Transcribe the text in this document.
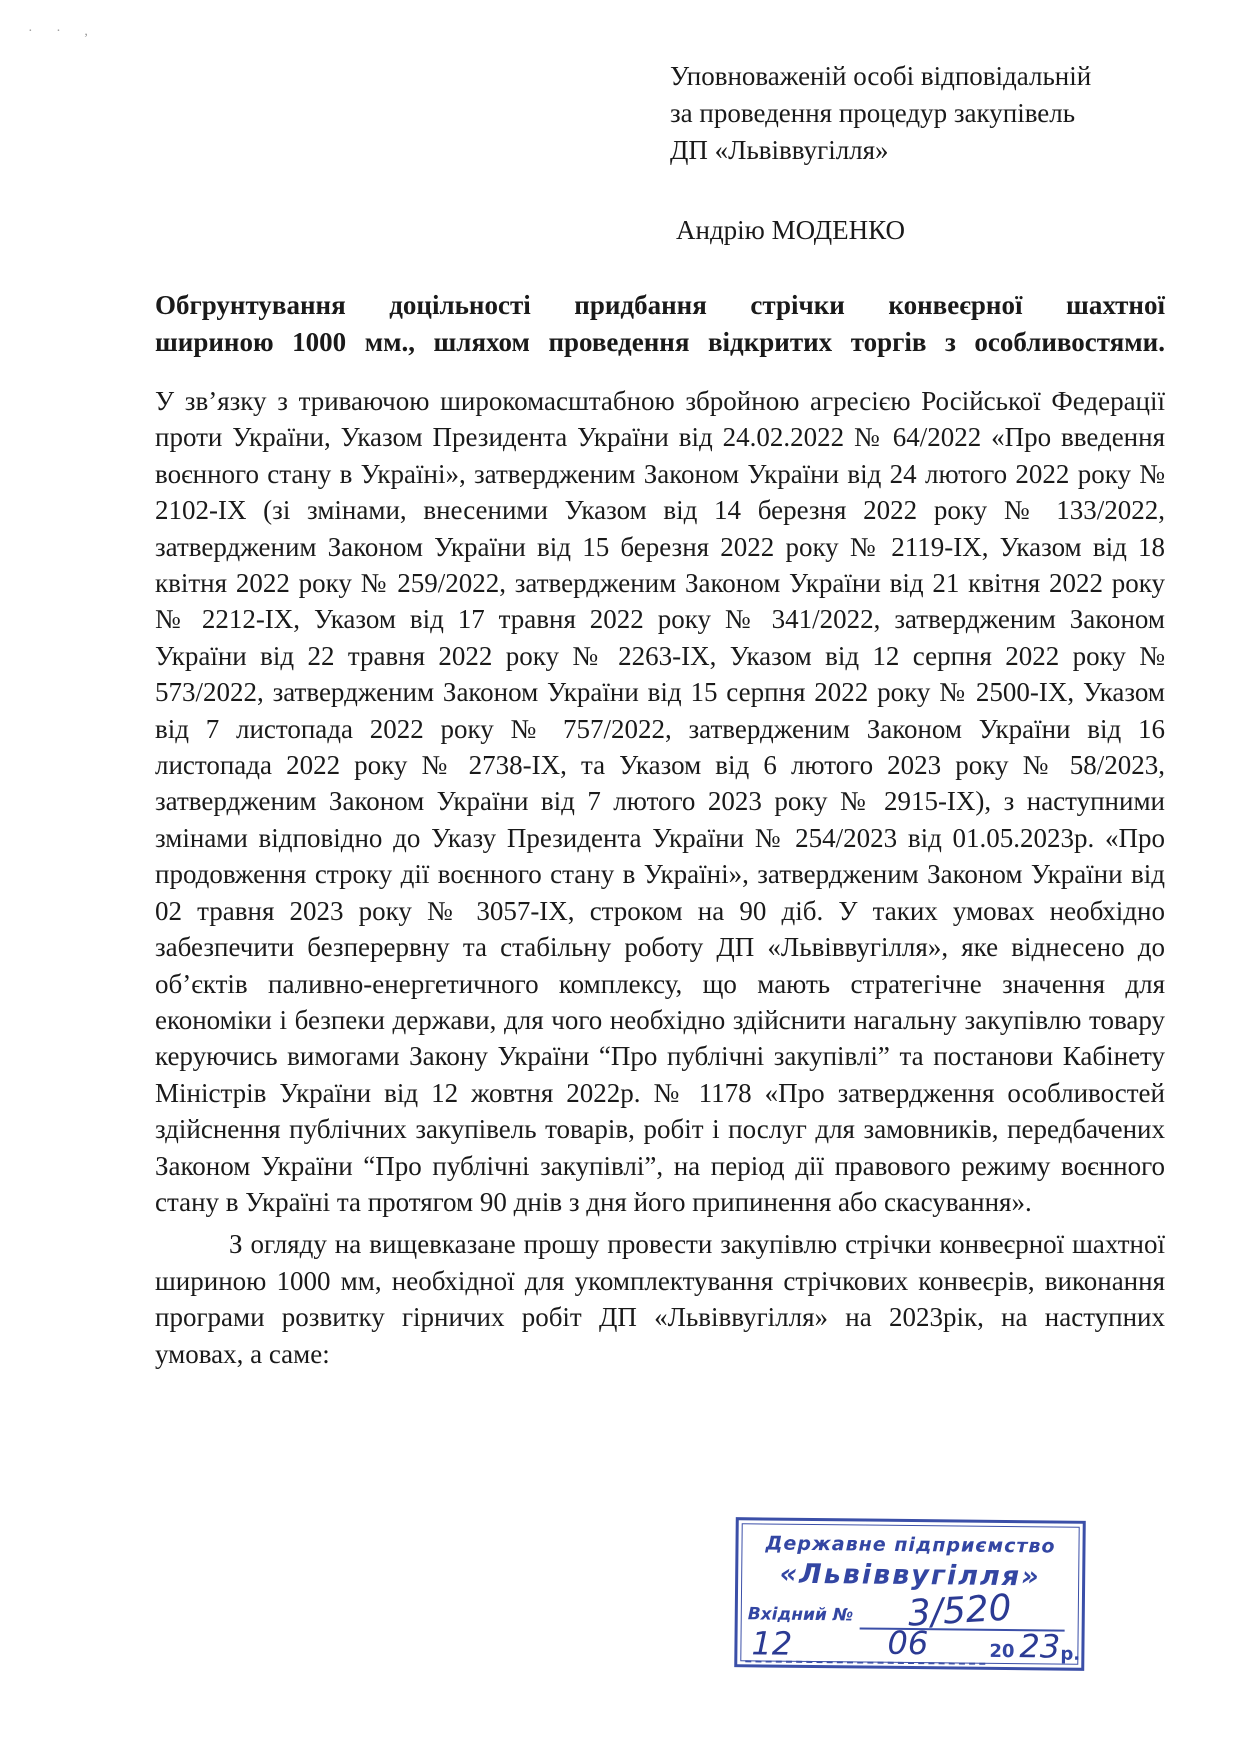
· · ,
Уповноваженій особі відповідальній
за проведення процедур закупівель
ДП «Львіввугілля»
Андрію МОДЕНКО
Обгрунтування доцільності придбання стрічки конвеєрної шахтної
шириною 1000 мм., шляхом проведення відкритих торгів з особливостями.

У зв’язку з триваючою широкомасштабною збройною агресією Російської Федерації проти України, Указом Президента України від 24.02.2022 № 64/2022 «Про введення воєнного стану в Україні», затвердженим Законом України від 24 лютого 2022 року № 2102-IX (зі змінами, внесеними Указом від 14 березня 2022 року № 133/2022, затвердженим Законом України від 15 березня 2022 року № 2119-IX, Указом від 18 квітня 2022 року № 259/2022, затвердженим Законом України від 21 квітня 2022 року № 2212-IX, Указом від 17 травня 2022 року № 341/2022, затвердженим Законом України від 22 травня 2022 року № 2263-IX, Указом від 12 серпня 2022 року № 573/2022, затвердженим Законом України від 15 серпня 2022 року № 2500-IX, Указом від 7 листопада 2022 року № 757/2022, затвердженим Законом України від 16 листопада 2022 року № 2738-IX, та Указом від 6 лютого 2023 року № 58/2023, затвердженим Законом України від 7 лютого 2023 року № 2915-IX), з наступними змінами відповідно до Указу Президента України № 254/2023 від 01.05.2023р. «Про продовження строку дії воєнного стану в Україні», затвердженим Законом України від 02 травня 2023 року № 3057-IX, строком на 90 діб. У таких умовах необхідно забезпечити безперервну та стабільну роботу ДП «Львіввугілля», яке віднесено до об’єктів паливно-енергетичного комплексу, що мають стратегічне значення для економіки і безпеки держави, для чого необхідно здійснити нагальну закупівлю товару керуючись вимогами Закону України “Про публічні закупівлі” та постанови Кабінету Міністрів України від 12 жовтня 2022р. № 1178 «Про затвердження особливостей здійснення публічних закупівель товарів, робіт і послуг для замовників, передбачених Законом України “Про публічні закупівлі”, на період дії правового режиму воєнного стану в Україні та протягом 90 днів з дня його припинення або скасування».

З огляду на вищевказане прошу провести закупівлю стрічки конвеєрної шахтної шириною 1000 мм, необхідної для укомплектування стрічкових конвеєрів, виконання програми розвитку гірничих робіт ДП «Львіввугілля» на 2023рік, на наступних умовах, а саме:

Державне підприємство
«Львіввугілля»
Вхідний № 3/520
12	06	20 23 р.
